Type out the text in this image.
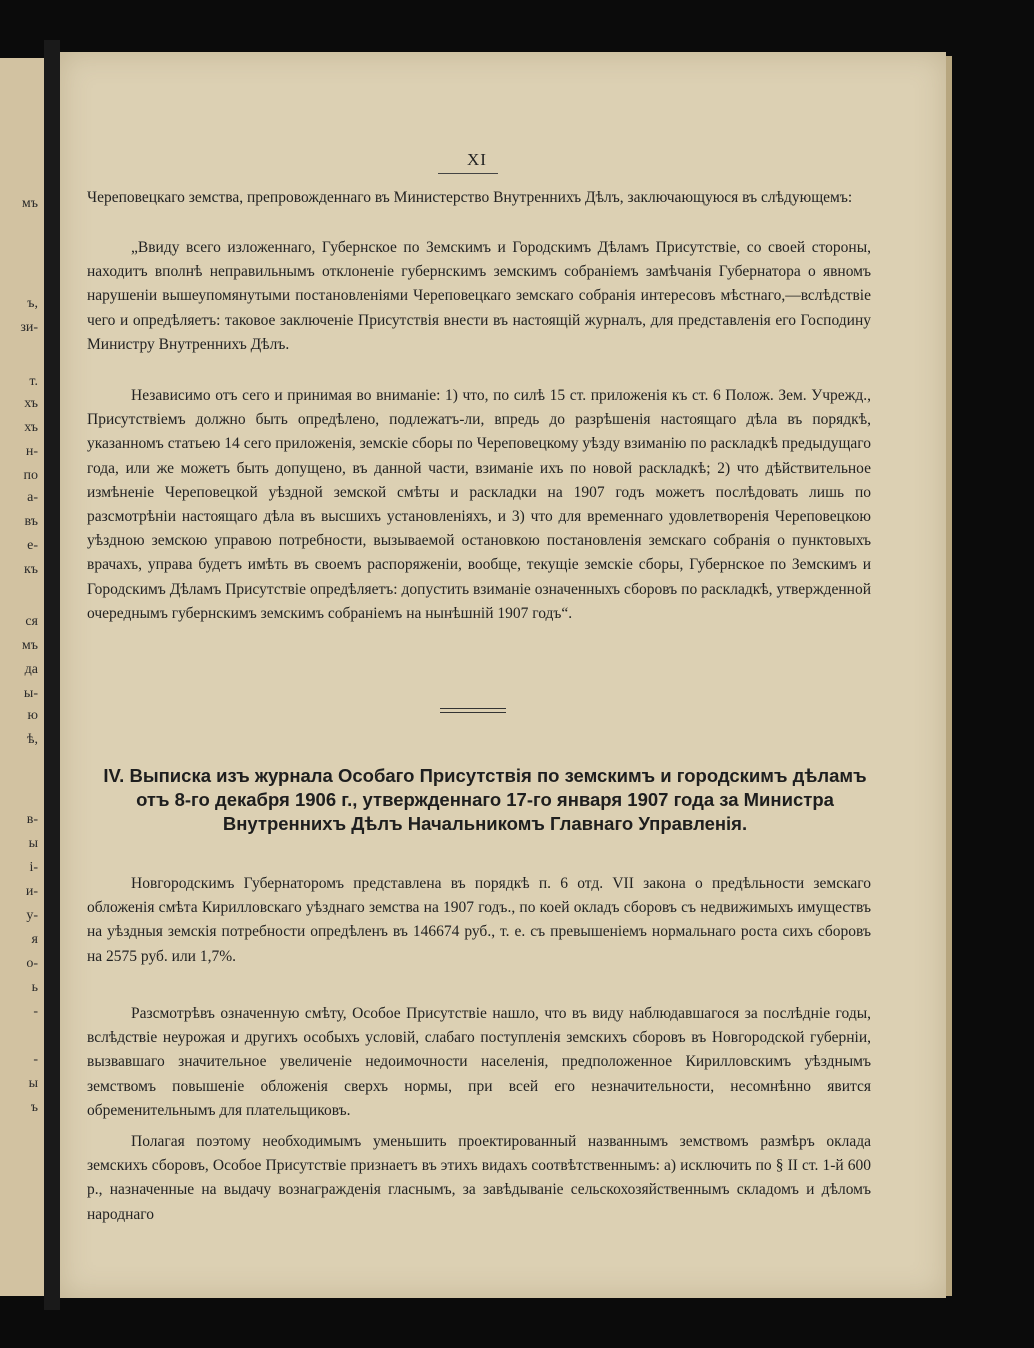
мъ
ъ,
зи-
т.
хъ
хъ
н-
по
а-
въ
е-
къ
ся
мъ
да
ы-
ю
ѣ,
в-
ы
і-
и-
у-
я
о-
ь
-
-
ы
ъ
XI

Череповецкаго земства, препровожденнаго въ Министерство Внутреннихъ Дѣлъ, заключающуюся въ слѣдующемъ:

„Ввиду всего изложеннаго, Губернское по Земскимъ и Городскимъ Дѣламъ Присутствіе, со своей стороны, находитъ вполнѣ неправильнымъ отклоненіе губернскимъ земскимъ собраніемъ замѣчанія Губернатора о явномъ нарушеніи вышеупомянутыми постановленіями Череповецкаго земскаго собранія интересовъ мѣстнаго,—вслѣдствіе чего и опредѣляетъ: таковое заключеніе Присутствія внести въ настоящій журналъ, для представленія его Господину Министру Внутреннихъ Дѣлъ.

Независимо отъ сего и принимая во вниманіе: 1) что, по силѣ 15 ст. приложенія къ ст. 6 Полож. Зем. Учрежд., Присутствіемъ должно быть опредѣлено, подлежатъ-ли, впредь до разрѣшенія настоящаго дѣла въ порядкѣ, указанномъ статьею 14 сего приложенія, земскіе сборы по Череповецкому уѣзду взиманію по раскладкѣ предыдущаго года, или же можетъ быть допущено, въ данной части, взиманіе ихъ по новой раскладкѣ; 2) что дѣйствительное измѣненіе Череповецкой уѣздной земской смѣты и раскладки на 1907 годъ можетъ послѣдовать лишь по разсмотрѣніи настоящаго дѣла въ высшихъ установленіяхъ, и 3) что для временнаго удовлетворенія Череповецкою уѣздною земскою управою потребности, вызываемой остановкою постановленія земскаго собранія о пунктовыхъ врачахъ, управа будетъ имѣть въ своемъ распоряженіи, вообще, текущіе земскіе сборы, Губернское по Земскимъ и Городскимъ Дѣламъ Присутствіе опредѣляетъ: допустить взиманіе означенныхъ сборовъ по раскладкѣ, утвержденной очереднымъ губернскимъ земскимъ собраніемъ на нынѣшній 1907 годъ“.

IV. Выписка изъ журнала Особаго Присутствія по земскимъ и городскимъ дѣламъ
отъ 8-го декабря 1906 г., утвержденнаго 17-го января 1907 года за Министра
Внутреннихъ Дѣлъ Начальникомъ Главнаго Управленія.

Новгородскимъ Губернаторомъ представлена въ порядкѣ п. 6 отд. VII закона о предѣльности земскаго обложенія смѣта Кирилловскаго уѣзднаго земства на 1907 годъ., по коей окладъ сборовъ съ недвижимыхъ имуществъ на уѣздныя земскія потребности опредѣленъ въ 146674 руб., т. е. съ превышеніемъ нормальнаго роста сихъ сборовъ на 2575 руб. или 1,7%.

Разсмотрѣвъ означенную смѣту, Особое Присутствіе нашло, что въ виду наблюдавшагося за послѣдніе годы, вслѣдствіе неурожая и другихъ особыхъ условій, слабаго поступленія земскихъ сборовъ въ Новгородской губерніи, вызвавшаго значительное увеличеніе недоимочности населенія, предположенное Кирилловскимъ уѣзднымъ земствомъ повышеніе обложенія сверхъ нормы, при всей его незначительности, несомнѣнно явится обременительнымъ для плательщиковъ.

Полагая поэтому необходимымъ уменьшить проектированный названнымъ земствомъ размѣръ оклада земскихъ сборовъ, Особое Присутствіе признаетъ въ этихъ видахъ соотвѣтственнымъ: а) исключить по § II ст. 1-й 600 р., назначенные на выдачу вознагражденія гласнымъ, за завѣдываніе сельскохозяйственнымъ складомъ и дѣломъ народнаго
